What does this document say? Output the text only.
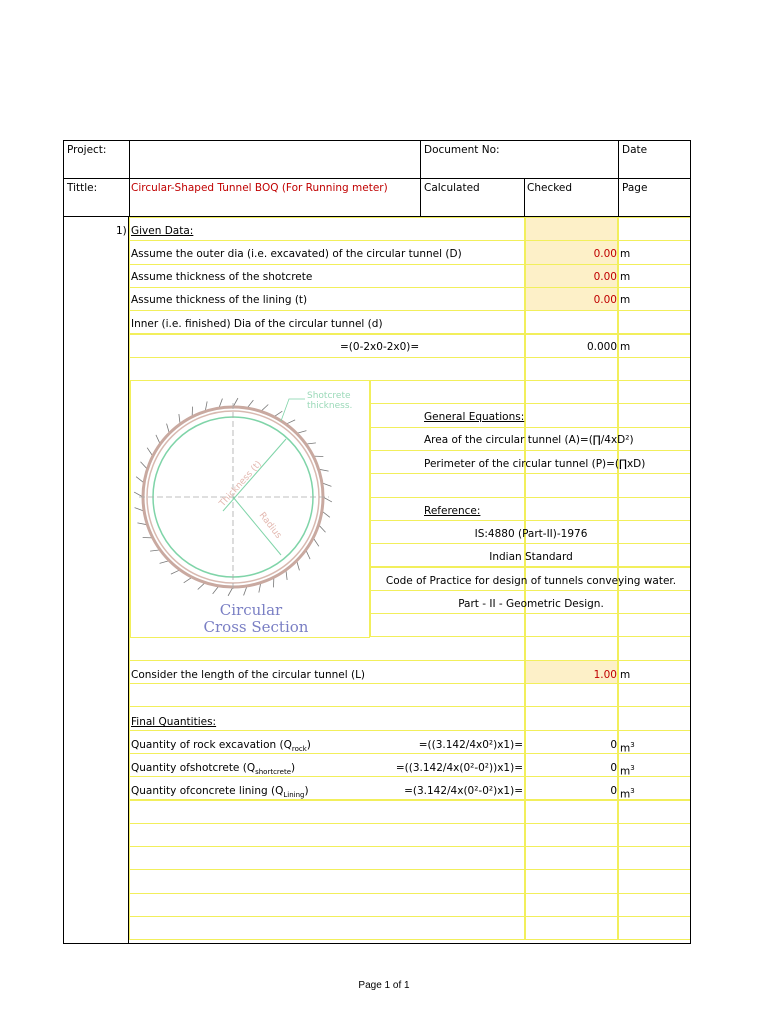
Project:	Document No:	Date
Tittle:	Circular-Shaped Tunnel BOQ (For Running meter)	Calculated	Checked	Page
Shotcrete
thickness.
Thickness (t)
Radius
Circular
Cross Section
1) Given Data:
Assume the outer dia (i.e. excavated) of the circular tunnel (D)	0.00 m
Assume thickness of the shotcrete	0.00 m
Assume thickness of the lining (t)	0.00 m
Inner (i.e. finished) Dia of the circular tunnel (d)
=(0-2x0-2x0)=	0.000 m
General Equations:
Area of the circular tunnel (A)=(∏/4xD²)
Perimeter of the circular tunnel (P)=(∏xD)
Reference:
IS:4880 (Part-II)-1976
Indian Standard
Code of Practice for design of tunnels conveying water.
Part - II - Geometric Design.
Consider the length of the circular tunnel (L)	1.00 m
Final Quantities:
Quantity of rock excavation $(Q_{rock})$	=((3.142/4x0²)x1)=	0 $m^3$
Quantity ofshotcrete $(Q_{shortcrete})$	=((3.142/4x(0²-0²))x1)=	0 $m^3$
Quantity ofconcrete lining $(Q_{Lining})$	=(3.142/4x(0²-0²)x1)=	0 $m^3$
Page 1 of 1
